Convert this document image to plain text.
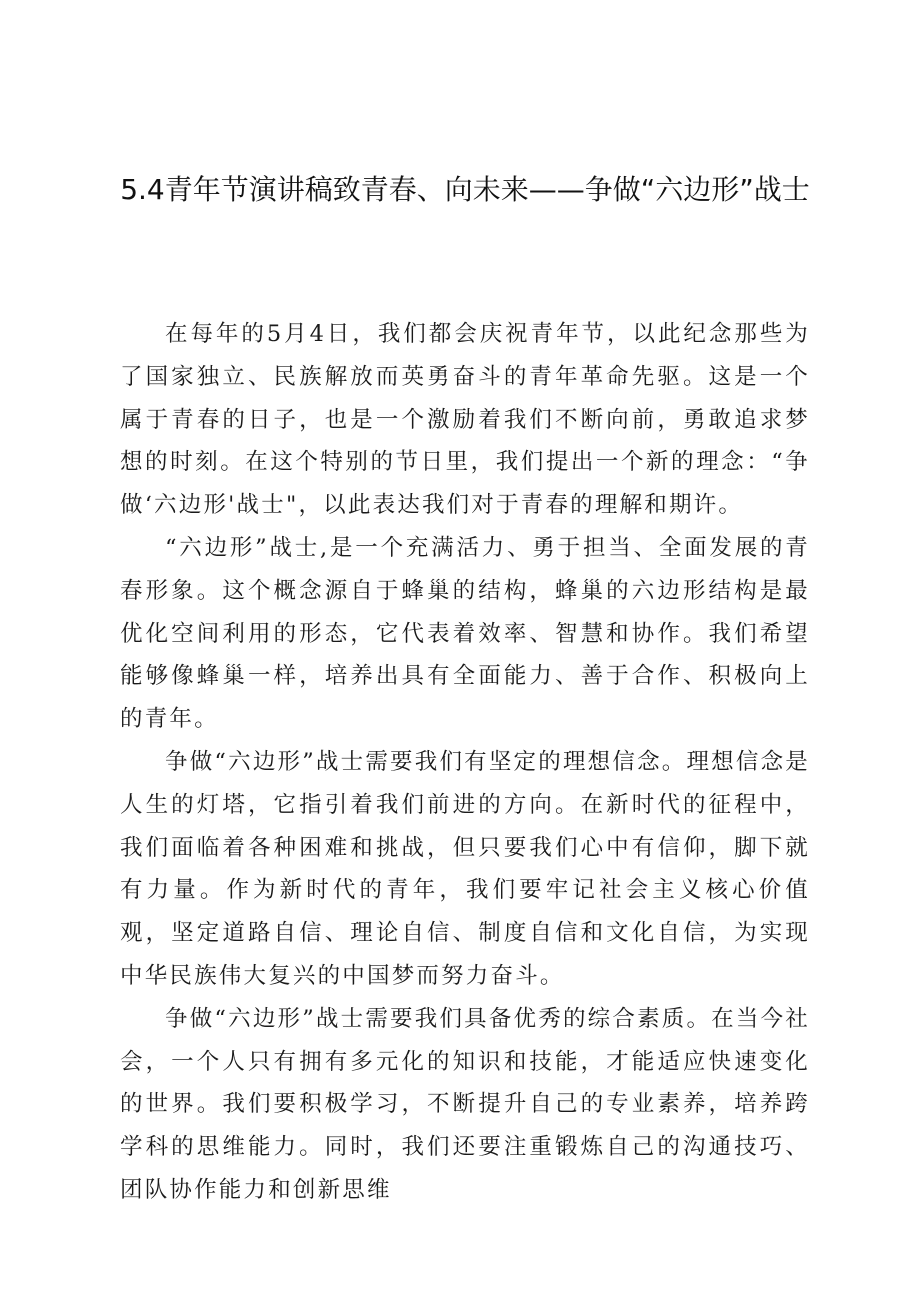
5.4青年节演讲稿致青春、向未来——争做“六边形”战士

在每年的5月4日，我们都会庆祝青年节，以此纪念那些为了国家独立、民族解放而英勇奋斗的青年革命先驱。这是一个属于青春的日子，也是一个激励着我们不断向前，勇敢追求梦想的时刻。在这个特别的节日里，我们提出一个新的理念：“争做‘六边形'战士"，以此表达我们对于青春的理解和期许。

“六边形”战士,是一个充满活力、勇于担当、全面发展的青春形象。这个概念源自于蜂巢的结构，蜂巢的六边形结构是最优化空间利用的形态，它代表着效率、智慧和协作。我们希望能够像蜂巢一样，培养出具有全面能力、善于合作、积极向上的青年。

争做“六边形”战士需要我们有坚定的理想信念。理想信念是人生的灯塔，它指引着我们前进的方向。在新时代的征程中，我们面临着各种困难和挑战，但只要我们心中有信仰，脚下就有力量。作为新时代的青年，我们要牢记社会主义核心价值观，坚定道路自信、理论自信、制度自信和文化自信，为实现中华民族伟大复兴的中国梦而努力奋斗。

争做“六边形”战士需要我们具备优秀的综合素质。在当今社会，一个人只有拥有多元化的知识和技能，才能适应快速变化的世界。我们要积极学习，不断提升自己的专业素养，培养跨学科的思维能力。同时，我们还要注重锻炼自己的沟通技巧、团队协作能力和创新思维
